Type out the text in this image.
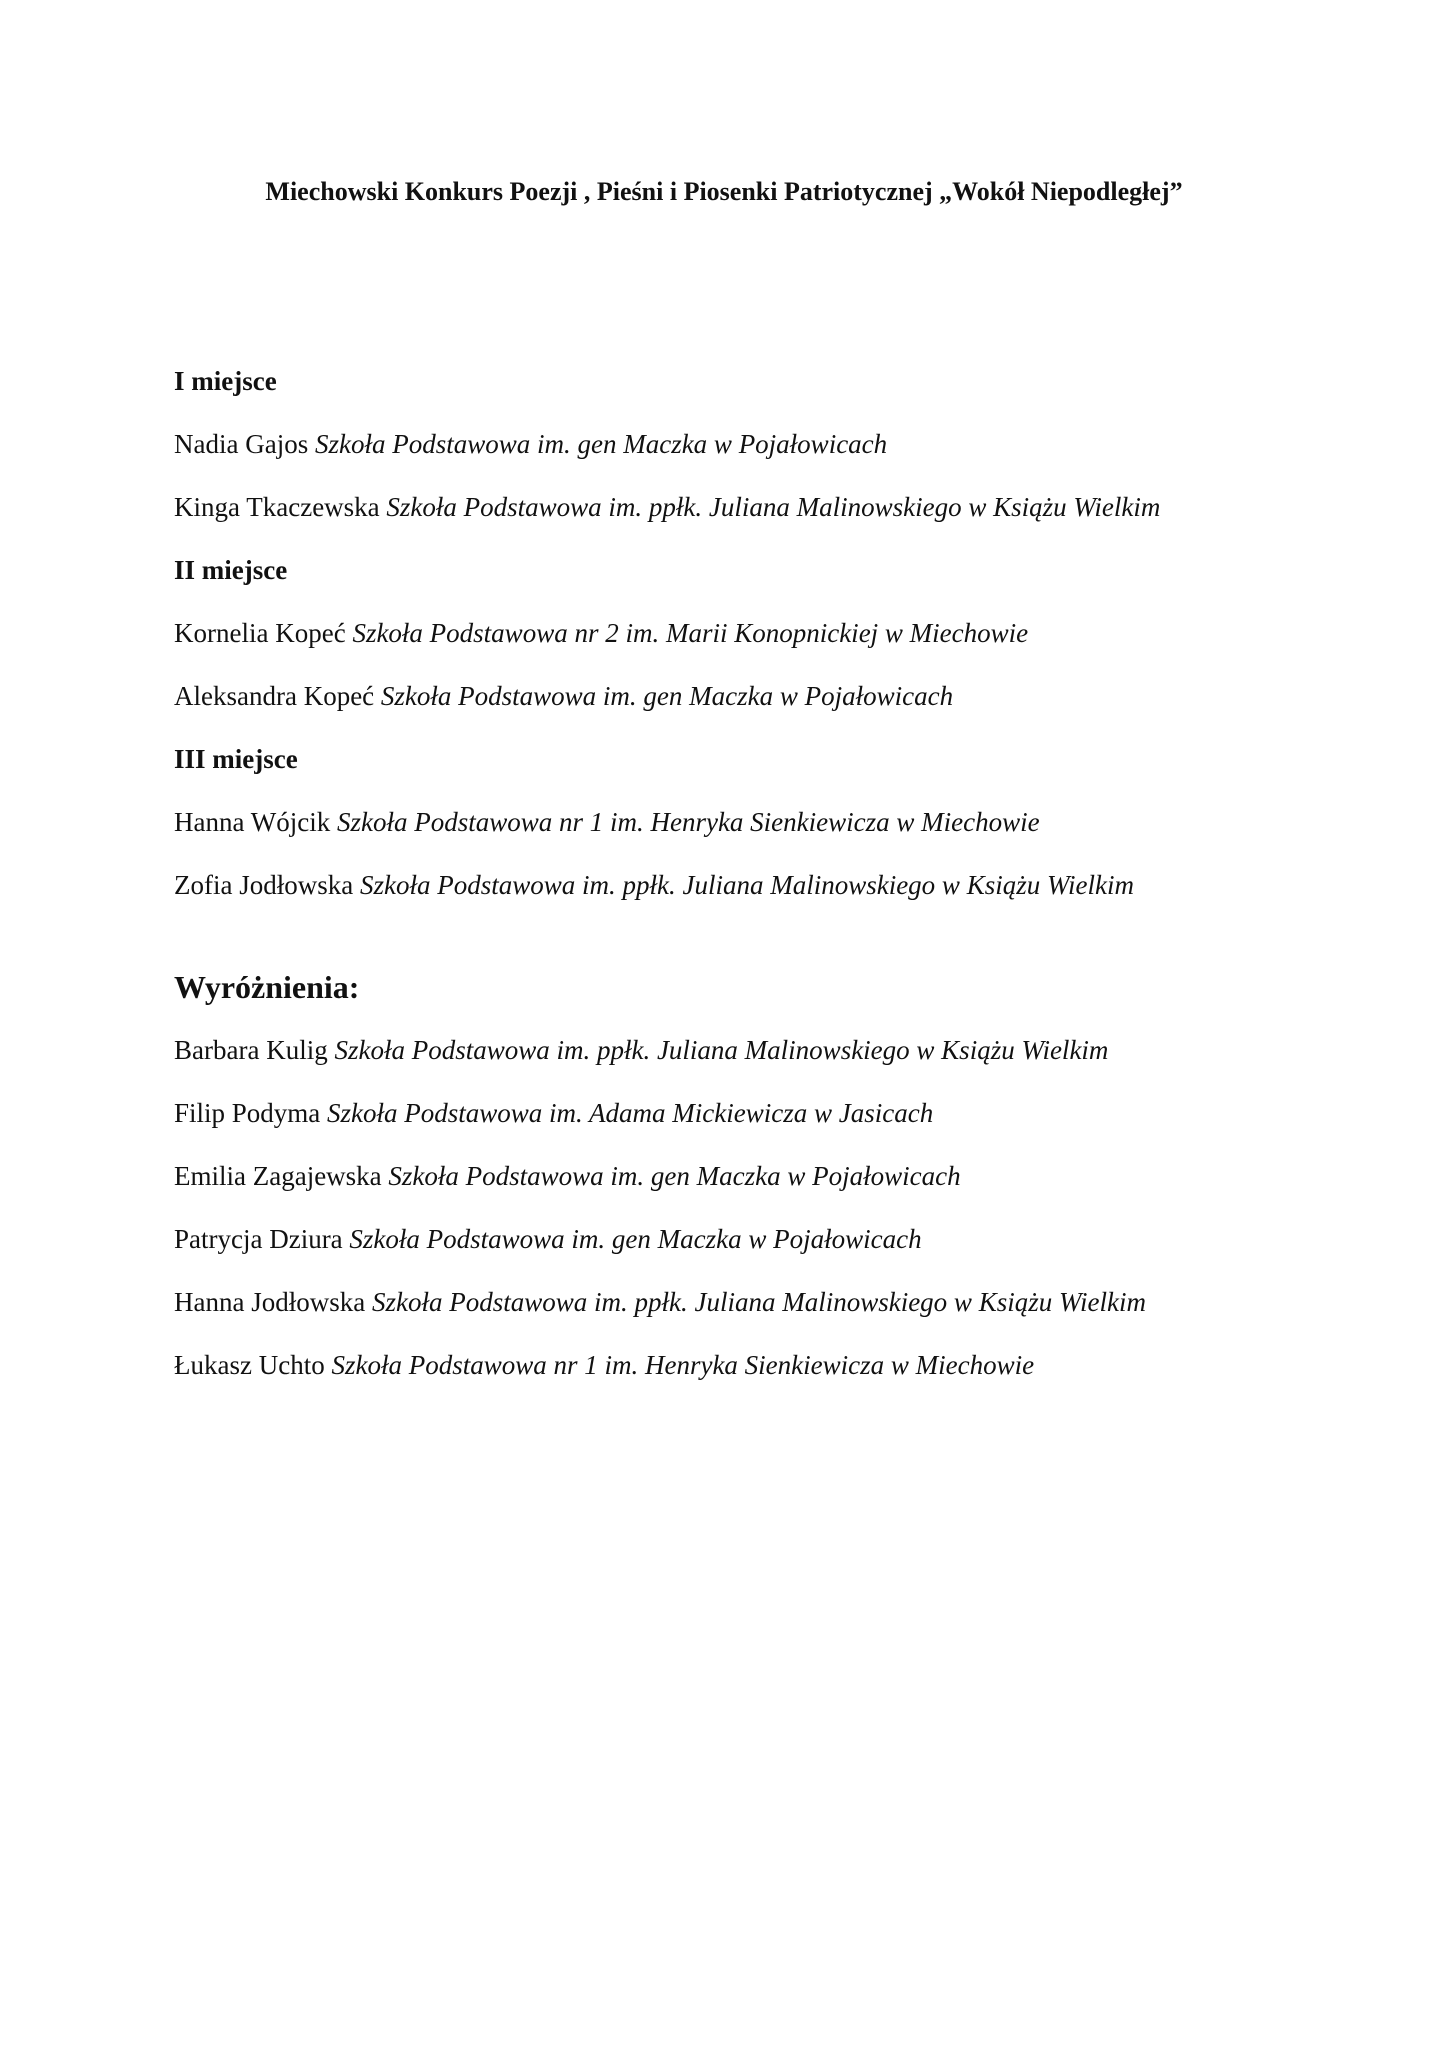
Miechowski Konkurs Poezji , Pieśni i Piosenki Patriotycznej „Wokół Niepodległej”
I miejsce
Nadia Gajos Szkoła Podstawowa im. gen Maczka w Pojałowicach
Kinga Tkaczewska Szkoła Podstawowa im. ppłk. Juliana Malinowskiego w Książu Wielkim
II miejsce
Kornelia Kopeć Szkoła Podstawowa nr 2 im. Marii Konopnickiej w Miechowie
Aleksandra Kopeć Szkoła Podstawowa im. gen Maczka w Pojałowicach
III miejsce
Hanna Wójcik Szkoła Podstawowa nr 1 im. Henryka Sienkiewicza w Miechowie
Zofia Jodłowska Szkoła Podstawowa im. ppłk. Juliana Malinowskiego w Książu Wielkim
Wyróżnienia:
Barbara Kulig Szkoła Podstawowa im. ppłk. Juliana Malinowskiego w Książu Wielkim
Filip Podyma Szkoła Podstawowa im. Adama Mickiewicza w Jasicach
Emilia Zagajewska Szkoła Podstawowa im. gen Maczka w Pojałowicach
Patrycja Dziura Szkoła Podstawowa im. gen Maczka w Pojałowicach
Hanna Jodłowska Szkoła Podstawowa im. ppłk. Juliana Malinowskiego w Książu Wielkim
Łukasz Uchto Szkoła Podstawowa nr 1 im. Henryka Sienkiewicza w Miechowie
